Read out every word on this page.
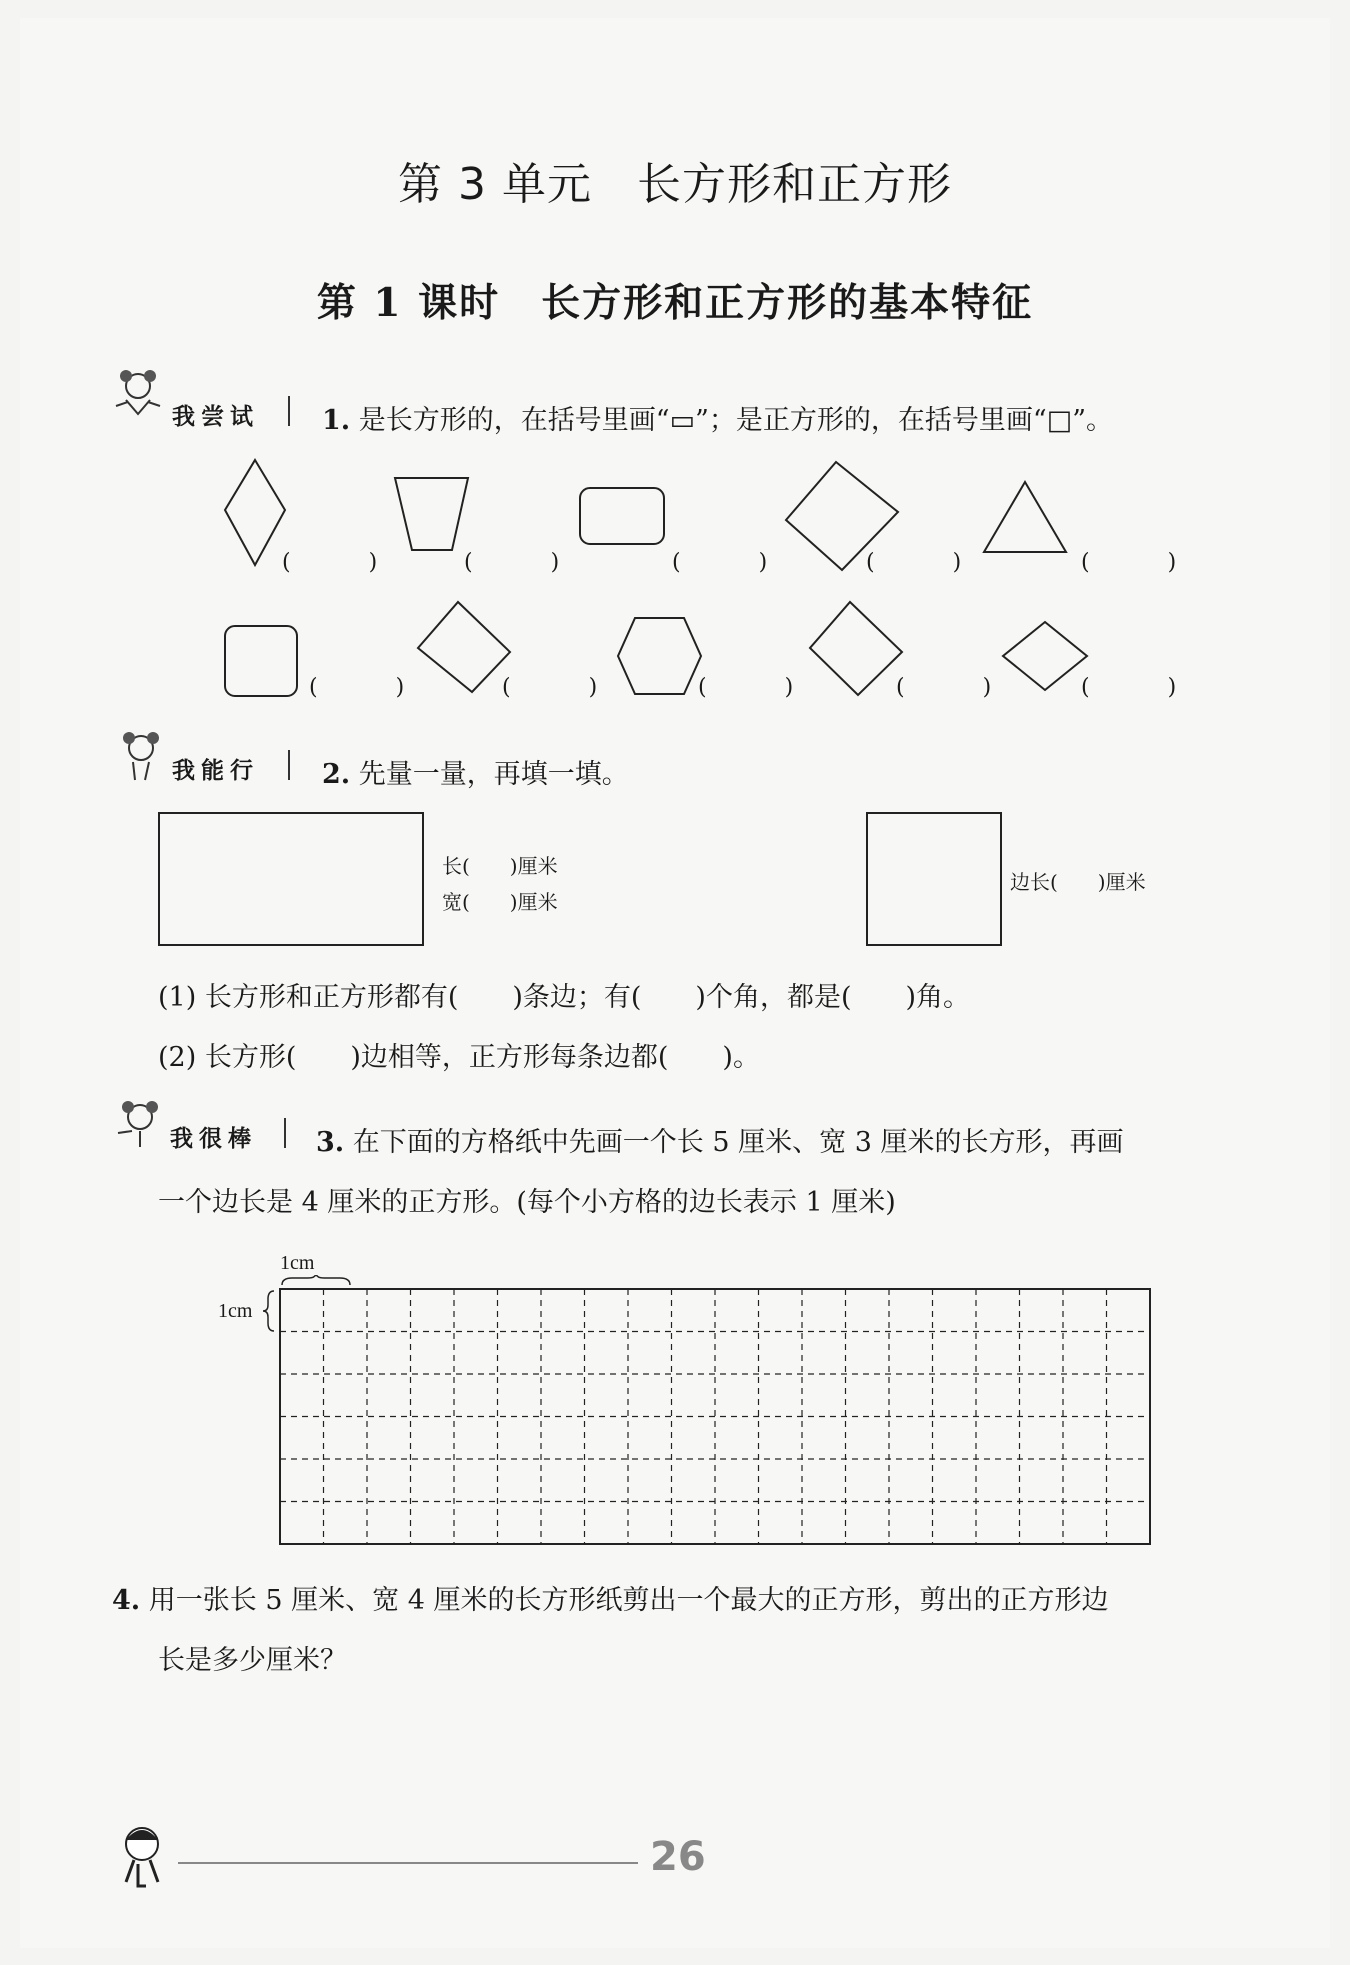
第 3 单元　长方形和正方形
第 1 课时　长方形和正方形的基本特征
我尝试 1. 是长方形的，在括号里画“▭”；是正方形的，在括号里画“□”。
(　)	(　)	(　)	(　)	(　)
(　)	(　)	(　)	(　)	(　)
我能行 2. 先量一量，再填一填。
长(　　)厘米
宽(　　)厘米
边长(　　)厘米
(1) 长方形和正方形都有(　　)条边；有(　　)个角，都是(　　)角。
(2) 长方形(　　)边相等，正方形每条边都(　　)。
我很棒 3. 在下面的方格纸中先画一个长 5 厘米、宽 3 厘米的长方形，再画
一个边长是 4 厘米的正方形。(每个小方格的边长表示 1 厘米)
1cm
1cm
4. 用一张长 5 厘米、宽 4 厘米的长方形纸剪出一个最大的正方形，剪出的正方形边
长是多少厘米？
26
